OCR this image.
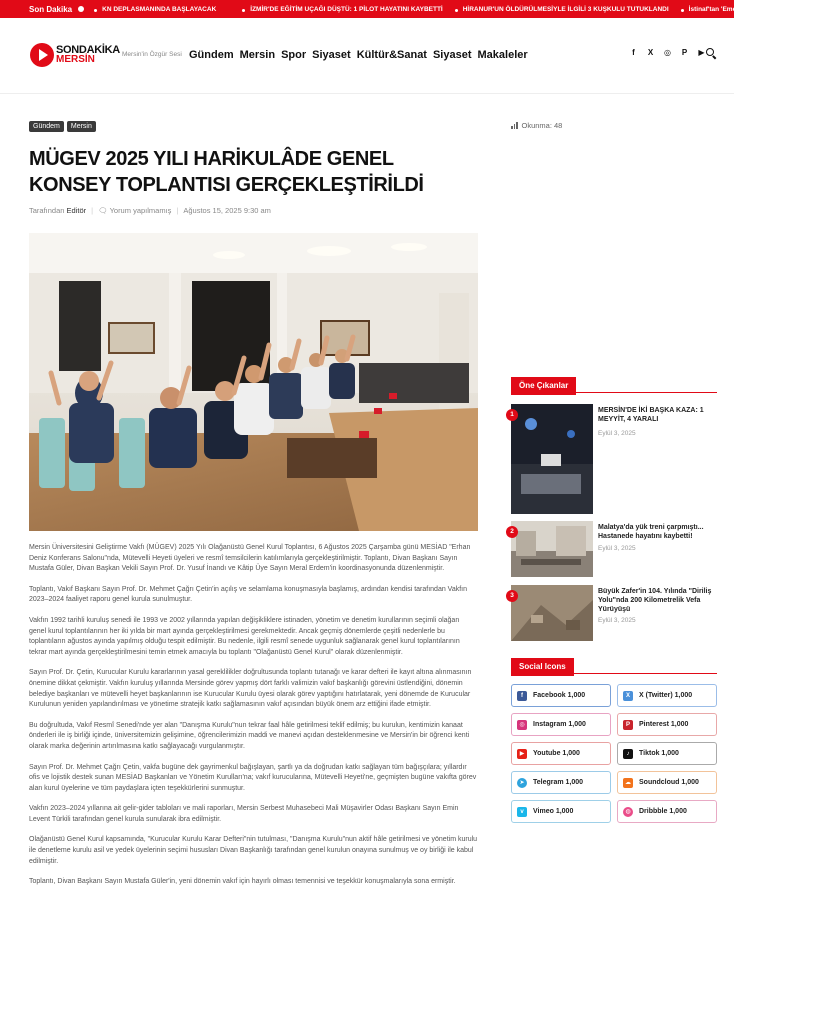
Son Dakika	KN DEPLASMANINDA BAŞLAYACAK	İZMİR'DE EĞİTİM UÇAĞI DÜŞTÜ: 1 PİLOT HAYATINI KAYBETTİ	HİRANUR'UN ÖLDÜRÜLMESİYLE İLGİLİ 3 KUŞKULU TUTUKLANDI	İstinaf'tan 'Emek Apartmanı' davasında karar
SONDAKİKA
MERSİN	Mersin'in Özgür Sesi Gündem Mersin Spor Siyaset Kültür&Sanat Siyaset Makaleler	f	X ◎ P ▶
Gündem	Mersin
MÜGEV 2025 YILI HARİKULÂDE GENEL KONSEY TOPLANTISI GERÇEKLEŞTİRİLDİ
Tarafından Editör | 🗨 Yorum yapılmamış | Ağustos 15, 2025 9:30 am

Mersin Üniversitesini Geliştirme Vakfı (MÜGEV) 2025 Yılı Olağanüstü Genel Kurul Toplantısı, 6 Ağustos 2025 Çarşamba günü MESİAD "Erhan Deniz Konferans Salonu"nda, Mütevelli Heyeti üyeleri ve resmî temsilcilerin katılımlarıyla gerçekleştirilmiştir. Toplantı, Divan Başkanı Sayın Mustafa Güler, Divan Başkan Vekili Sayın Prof. Dr. Yusuf İnandı ve Kâtip Üye Sayın Meral Erdem'in koordinasyonunda düzenlenmiştir.

Toplantı, Vakıf Başkanı Sayın Prof. Dr. Mehmet Çağrı Çetin'in açılış ve selamlama konuşmasıyla başlamış, ardından kendisi tarafından Vakfın 2023–2024 faaliyet raporu genel kurula sunulmuştur.

Vakfın 1992 tarihli kuruluş senedi ile 1993 ve 2002 yıllarında yapılan değişikliklere istinaden, yönetim ve denetim kurullarının seçimli olağan genel kurul toplantılarının her iki yılda bir mart ayında gerçekleştirilmesi gerekmektedir. Ancak geçmiş dönemlerde çeşitli nedenlerle bu toplantıların ağustos ayında yapılmış olduğu tespit edilmiştir. Bu nedenle, ilgili resmî senede uygunluk sağlanarak genel kurul toplantılarının tekrar mart ayında gerçekleştirilmesini temin etmek amacıyla bu toplantı "Olağanüstü Genel Kurul" olarak düzenlenmiştir.

Sayın Prof. Dr. Çetin, Kurucular Kurulu kararlarının yasal gereklilikler doğrultusunda toplantı tutanağı ve karar defteri ile kayıt altına alınmasının önemine dikkat çekmiştir. Vakfın kuruluş yıllarında Mersinde görev yapmış dört farklı valimizin vakıf başkanlığı görevini üstlendiğini, dönemin belediye başkanları ve mütevelli heyet başkanlarının ise Kurucular Kurulu üyesi olarak görev yaptığını hatırlatarak, yeni dönemde de Kurucular Kurulunun yeniden yapılandırılması ve yönetime stratejik katkı sağlamasının vakıf açısından büyük önem arz ettiğini ifade etmiştir.

Bu doğrultuda, Vakıf Resmî Senedi'nde yer alan "Danışma Kurulu"nun tekrar faal hâle getirilmesi teklif edilmiş; bu kurulun, kentimizin kanaat önderleri ile iş birliği içinde, üniversitemizin gelişimine, öğrencilerimizin maddi ve manevi açıdan desteklenmesine ve Mersin'in bir öğrenci kenti olarak marka değerinin artırılmasına katkı sağlayacağı vurgulanmıştır.

Sayın Prof. Dr. Mehmet Çağrı Çetin, vakfa bugüne dek gayrimenkul bağışlayan, şartlı ya da doğrudan katkı sağlayan tüm bağışçılara; yıllardır ofis ve lojistik destek sunan MESİAD Başkanları ve Yönetim Kurulları'na; vakıf kurucularına, Mütevelli Heyeti'ne, geçmişten bugüne vakıfta görev alan kurul üyelerine ve tüm paydaşlara içten teşekkürlerini sunmuştur.

Vakfın 2023–2024 yıllarına ait gelir-gider tabloları ve mali raporları, Mersin Serbest Muhasebeci Mali Müşavirler Odası Başkanı Sayın Emin Levent Türkili tarafından genel kurula sunularak ibra edilmiştir.

Olağanüstü Genel Kurul kapsamında, "Kurucular Kurulu Karar Defteri"nin tutulması, "Danışma Kurulu"nun aktif hâle getirilmesi ve yönetim kurulu ile denetleme kurulu asil ve yedek üyelerinin seçimi hususları Divan Başkanlığı tarafından genel kurulun onayına sunulmuş ve oy birliği ile kabul edilmiştir.

Toplantı, Divan Başkanı Sayın Mustafa Güler'in, yeni dönemin vakıf için hayırlı olması temennisi ve teşekkür konuşmalarıyla sona ermiştir.

Okunma: 48
Öne Çıkanlar
1
MERSİN'DE İKİ BAŞKA KAZA: 1 MEYYİT, 4 YARALI
Eylül 3, 2025
2
Malatya'da yük treni çarpmıştı... Hastanede hayatını kaybetti!
Eylül 3, 2025
3
Büyük Zafer'in 104. Yılında "Diriliş Yolu"nda 200 Kilometrelik Vefa Yürüyüşü
Eylül 3, 2025
Social Icons
f	Facebook 1,000	X	X (Twitter) 1,000
◎	Instagram 1,000	P	Pinterest 1,000
▶	Youtube 1,000	♪	Tiktok 1,000
➤	Telegram 1,000	☁ Soundcloud 1,000
v	Vimeo 1,000	◍	Dribbble 1,000
